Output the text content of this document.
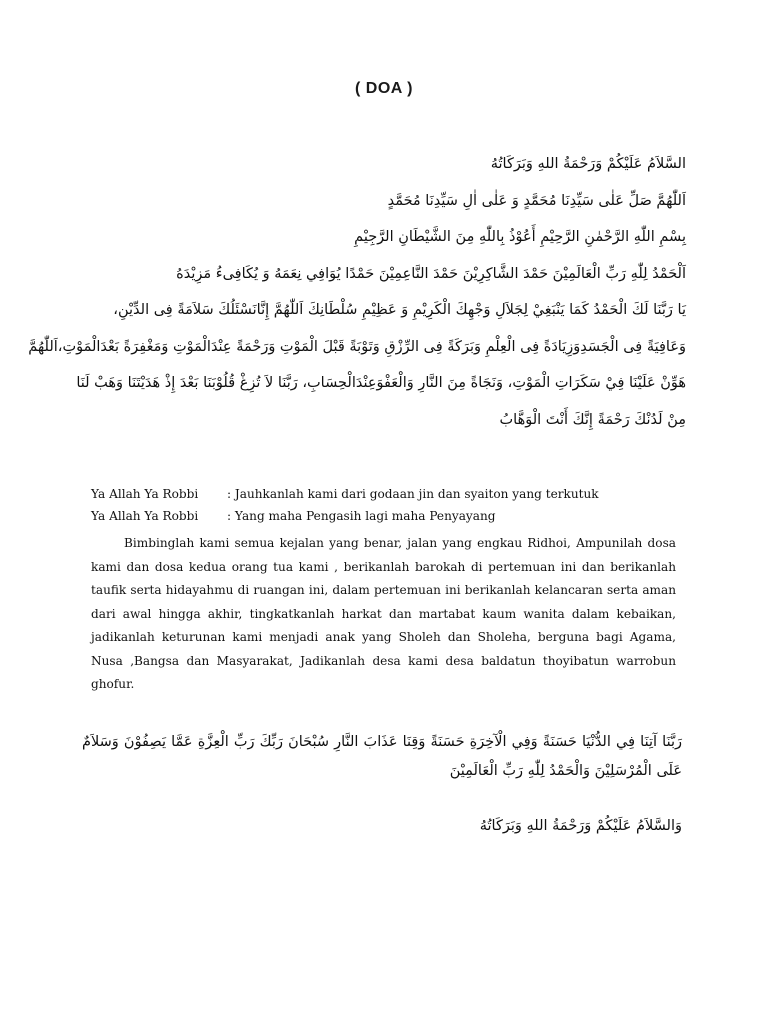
( DOA )
السَّلاَمُ عَلَيْكُمْ وَرَحْمَةُ اللهِ وَبَرَكَاتُهُ
اَللّٰهُمَّ صَلِّ عَلٰى سَيِّدِنَا مُحَمَّدٍ وَ عَلٰى اٰلِ سَيِّدِنَا مُحَمَّدٍ
بِسْمِ اللّٰهِ الرَّحْمٰنِ الرَّحِيْمِ أَعُوْذُ بِاللّٰهِ مِنَ الشَّيْطَانِ الرَّجِيْمِ
اَلْحَمْدُ لِلّٰهِ رَبِّ الْعَالَمِيْنَ حَمْدَ الشَّاكِرِيْنَ حَمْدَ النَّاعِمِيْنَ حَمْدًا يُوَافِي نِعَمَهُ وَ يُكَافِىءُ مَزِيْدَهُ
يَا رَبَّنَا لَكَ الْحَمْدُ كَمَا يَنْبَغِيْ لِجَلاَلِ وَجْهِكَ الْكَرِيْمِ وَ عَظِيْمِ سُلْطَانِكَ اَللّٰهُمَّ إِنَّانَسْئَلُكَ سَلاَمَةً فِى الدِّيْنِ،
وَعَافِيَةً فِى الْجَسَدِوَزِيَادَةً فِى الْعِلْمِ وَبَرَكَةً فِى الرِّزْقِ وَتَوْبَةً قَبْلَ الْمَوْتِ وَرَحْمَةً عِنْدَالْمَوْتِ وَمَغْفِرَةً بَعْدَالْمَوْتِ،اَللّٰهُمَّ
هَوِّنْ عَلَيْنَا فِيْ سَكَرَاتِ الْمَوْتِ، وَنَجَاةً مِنَ النَّارِ وَالْعَفْوَعِنْدَالْحِسَابِ، رَبَّنَا لاَ تُزِغْ قُلُوْبَنَا بَعْدَ إِذْ هَدَيْتَنَا وَهَبْ لَنَا
مِنْ لَدُنْكَ رَحْمَةً إِنَّكَ أَنْتَ الْوَهَّابُ
Ya Allah Ya Robbi : Jauhkanlah kami dari godaan jin dan syaiton yang terkutuk
Ya Allah Ya Robbi : Yang maha Pengasih lagi maha Penyayang
Bimbinglah kami semua kejalan yang benar, jalan yang engkau Ridhoi, Ampunilah dosa kami dan dosa kedua orang tua kami , berikanlah barokah di pertemuan ini dan berikanlah taufik serta hidayahmu di ruangan ini, dalam pertemuan ini berikanlah kelancaran serta aman dari awal hingga akhir, tingkatkanlah harkat dan martabat kaum wanita dalam kebaikan, jadikanlah keturunan kami menjadi anak yang Sholeh dan Sholeha, berguna bagi Agama, Nusa ,Bangsa dan Masyarakat, Jadikanlah desa kami desa baldatun thoyibatun warrobun ghofur.
رَبَّنَا آتِنَا فِي الدُّنْيَا حَسَنَةً وَفِي الْآخِرَةِ حَسَنَةً وَقِنَا عَذَابَ النَّارِ سُبْحَانَ رَبِّكَ رَبِّ الْعِزَّةِ عَمَّا يَصِفُوْنَ وَسَلاَمٌ عَلَى الْمُرْسَلِيْنَ وَالْحَمْدُ لِلّٰهِ رَبِّ الْعَالَمِيْنَ
وَالسَّلاَمُ عَلَيْكُمْ وَرَحْمَةُ اللهِ وَبَرَكَاتُهُ
